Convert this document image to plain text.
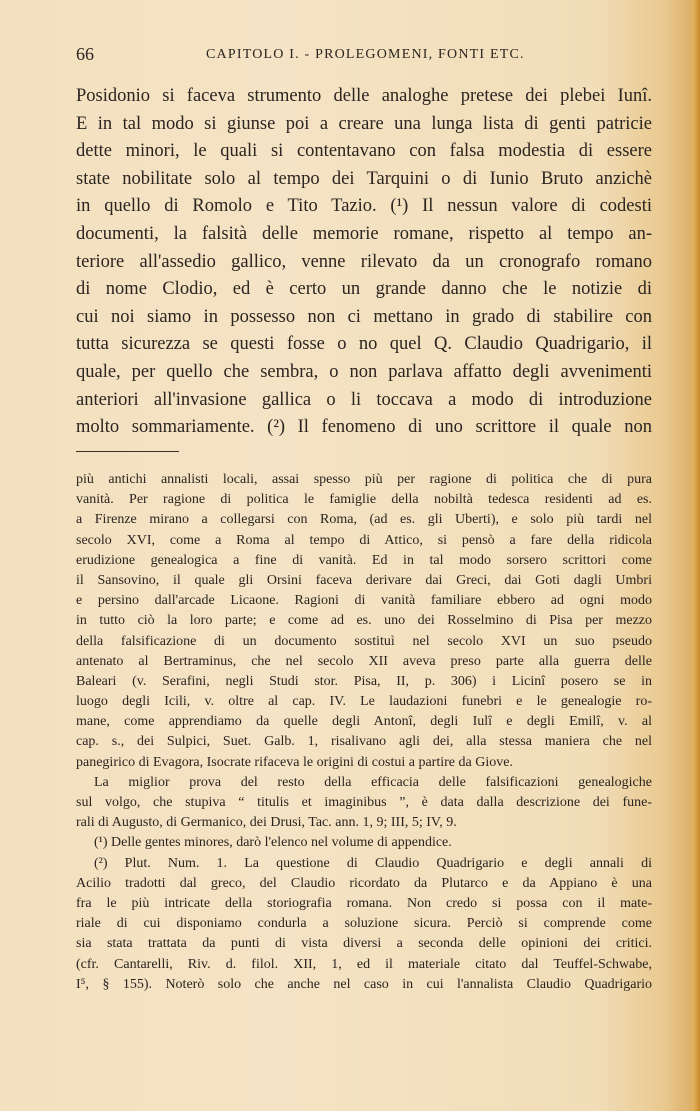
66	CAPITOLO I. - PROLEGOMENI, FONTI ETC.
Posidonio si faceva strumento delle analoghe pretese dei plebei Iunî.
E in tal modo si giunse poi a creare una lunga lista di genti patricie
dette minori, le quali si contentavano con falsa modestia di essere
state nobilitate solo al tempo dei Tarquini o di Iunio Bruto anzichè
in quello di Romolo e Tito Tazio. (¹) Il nessun valore di codesti
documenti, la falsità delle memorie romane, rispetto al tempo an-
teriore all'assedio gallico, venne rilevato da un cronografo romano
di nome Clodio, ed è certo un grande danno che le notizie di
cui noi siamo in possesso non ci mettano in grado di stabilire con
tutta sicurezza se questi fosse o no quel Q. Claudio Quadrigario, il
quale, per quello che sembra, o non parlava affatto degli avvenimenti
anteriori all'invasione gallica o li toccava a modo di introduzione
molto sommariamente. (²) Il fenomeno di uno scrittore il quale non
più antichi annalisti locali, assai spesso più per ragione di politica che di pura
vanità. Per ragione di politica le famiglie della nobiltà tedesca residenti ad es.
a Firenze mirano a collegarsi con Roma, (ad es. gli Uberti), e solo più tardi nel
secolo XVI, come a Roma al tempo di Attico, si pensò a fare della ridicola
erudizione genealogica a fine di vanità. Ed in tal modo sorsero scrittori come
il Sansovino, il quale gli Orsini faceva derivare dai Greci, dai Goti dagli Umbri
e persino dall'arcade Licaone. Ragioni di vanità familiare ebbero ad ogni modo
in tutto ciò la loro parte; e come ad es. uno dei Rosselmino di Pisa per mezzo
della falsificazione di un documento sostituì nel secolo XVI un suo pseudo
antenato al Bertraminus, che nel secolo XII aveva preso parte alla guerra delle
Baleari (v. Serafini, negli Studi stor. Pisa, II, p. 306) i Licinî posero se in
luogo degli Icili, v. oltre al cap. IV. Le laudazioni funebri e le genealogie ro-
mane, come apprendiamo da quelle degli Antonî, degli Iulî e degli Emilî, v. al
cap. s., dei Sulpici, Suet. Galb. 1, risalivano agli dei, alla stessa maniera che nel
panegirico di Evagora, Isocrate rifaceva le origini di costui a partire da Giove.
La miglior prova del resto della efficacia delle falsificazioni genealogiche
sul volgo, che stupiva “ titulis et imaginibus ”, è data dalla descrizione dei fune-
rali di Augusto, di Germanico, dei Drusi, Tac. ann. 1, 9; III, 5; IV, 9.
(¹) Delle gentes minores, darò l'elenco nel volume di appendice.
(²) Plut. Num. 1. La questione di Claudio Quadrigario e degli annali di
Acilio tradotti dal greco, del Claudio ricordato da Plutarco e da Appiano è una
fra le più intricate della storiografia romana. Non credo si possa con il mate-
riale di cui disponiamo condurla a soluzione sicura. Perciò si comprende come
sia stata trattata da punti di vista diversi a seconda delle opinioni dei critici.
(cfr. Cantarelli, Riv. d. filol. XII, 1, ed il materiale citato dal Teuffel-Schwabe,
I⁵, § 155). Noterò solo che anche nel caso in cui l'annalista Claudio Quadrigario
